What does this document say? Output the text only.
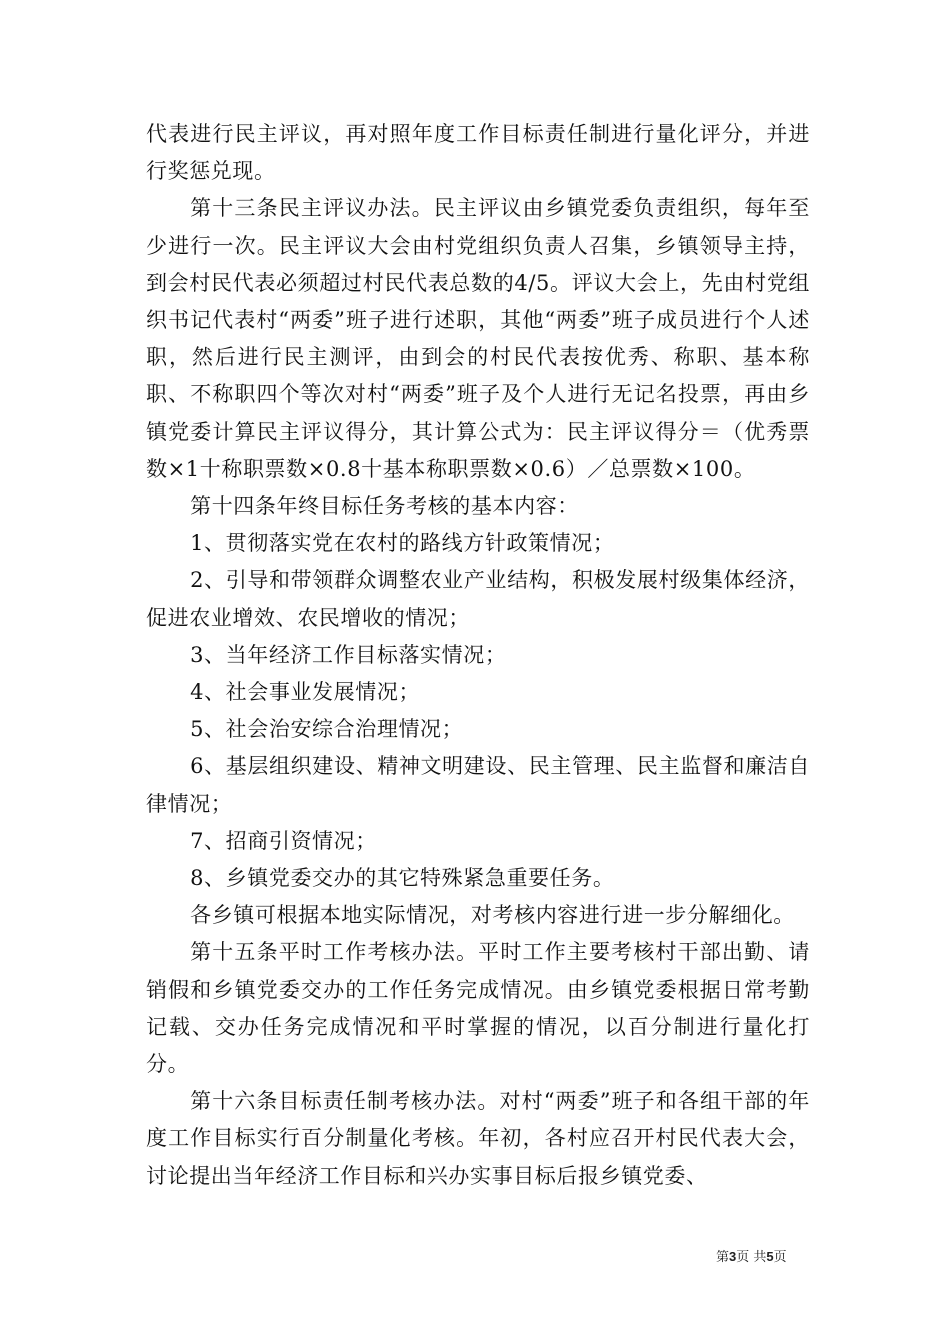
代表进行民主评议，再对照年度工作目标责任制进行量化评分，并进行奖惩兑现。

第十三条民主评议办法。民主评议由乡镇党委负责组织，每年至少进行一次。民主评议大会由村党组织负责人召集，乡镇领导主持，到会村民代表必须超过村民代表总数的4/5。评议大会上，先由村党组织书记代表村“两委”班子进行述职，其他“两委”班子成员进行个人述职，然后进行民主测评，由到会的村民代表按优秀、称职、基本称职、不称职四个等次对村“两委”班子及个人进行无记名投票，再由乡镇党委计算民主评议得分，其计算公式为：民主评议得分＝（优秀票数×1十称职票数×0.8十基本称职票数×0.6）／总票数×100。

第十四条年终目标任务考核的基本内容：

1、贯彻落实党在农村的路线方针政策情况；

2、引导和带领群众调整农业产业结构，积极发展村级集体经济，促进农业增效、农民增收的情况；

3、当年经济工作目标落实情况；

4、社会事业发展情况；

5、社会治安综合治理情况；

6、基层组织建设、精神文明建设、民主管理、民主监督和廉洁自律情况；

7、招商引资情况；

8、乡镇党委交办的其它特殊紧急重要任务。

各乡镇可根据本地实际情况，对考核内容进行进一步分解细化。

第十五条平时工作考核办法。平时工作主要考核村干部出勤、请销假和乡镇党委交办的工作任务完成情况。由乡镇党委根据日常考勤记载、交办任务完成情况和平时掌握的情况，以百分制进行量化打分。

第十六条目标责任制考核办法。对村“两委”班子和各组干部的年度工作目标实行百分制量化考核。年初，各村应召开村民代表大会，讨论提出当年经济工作目标和兴办实事目标后报乡镇党委、

第3页 共5页
